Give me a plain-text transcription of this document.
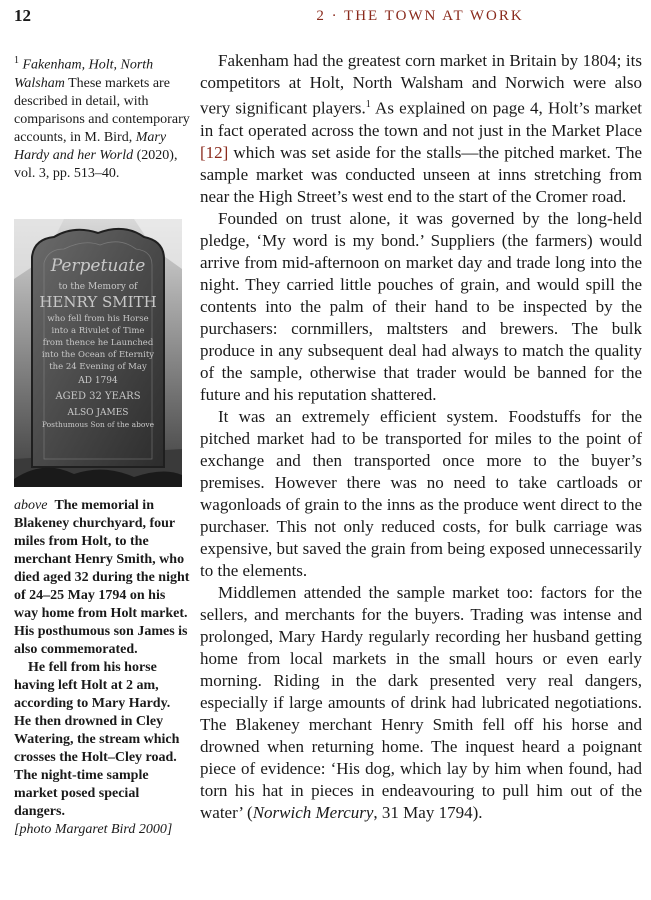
12	2 · THE TOWN AT WORK
$^1$ Fakenham, Holt, North Walsham These markets are described in detail, with comparisons and contemporary accounts, in M. Bird, Mary Hardy and her World (2020), vol. 3, pp. 513–40.
Perpetuate
to the Memory of
HENRY SMITH
who fell from his Horse
into a Rivulet of Time
from thence he Launched
into the Ocean of Eternity
the 24 Evening of May
AD 1794
AGED 32 YEARS
ALSO JAMES
Posthumous Son of the above

above The memorial in Blakeney churchyard, four miles from Holt, to the merchant Henry Smith, who died aged 32 during the night of 24–25 May 1794 on his way home from Holt market. His posthumous son James is also commemorated.

He fell from his horse having left Holt at 2 am, according to Mary Hardy. He then drowned in Cley Watering, the stream which crosses the Holt–Cley road. The night-time sample market posed special dangers.

[photo Margaret Bird 2000]

Fakenham had the greatest corn market in Britain by 1804; its competitors at Holt, North Walsham and Norwich were also very significant players.$^1$ As explained on page 4, Holt’s market in fact operated across the town and not just in the Market Place [12] which was set aside for the stalls—the pitched market. The sample market was conducted unseen at inns stretching from near the High Street’s west end to the start of the Cromer road.

Founded on trust alone, it was governed by the long-held pledge, ‘My word is my bond.’ Suppliers (the farmers) would arrive from mid-afternoon on market day and trade long into the night. They carried little pouches of grain, and would spill the contents into the palm of their hand to be inspected by the purchasers: cornmillers, maltsters and brewers. The bulk produce in any subsequent deal had always to match the quality of the sample, otherwise that trader would be banned for the future and his reputation shattered.

It was an extremely efficient system. Foodstuffs for the pitched market had to be transported for miles to the point of exchange and then transported once more to the buyer’s premises. However there was no need to take cartloads or wagonloads of grain to the inns as the produce went direct to the purchaser. This not only reduced costs, for bulk carriage was expensive, but saved the grain from being exposed unnecessarily to the elements.

Middlemen attended the sample market too: factors for the sellers, and merchants for the buyers. Trading was intense and prolonged, Mary Hardy regularly recording her husband getting home from local markets in the small hours or even early morning. Riding in the dark presented very real dangers, especially if large amounts of drink had lubricated negotiations. The Blakeney merchant Henry Smith fell off his horse and drowned when returning home. The inquest heard a poignant piece of evidence: ‘His dog, which lay by him when found, had torn his hat in pieces in endeavouring to pull him out of the water’ (Norwich Mercury, 31 May 1794).
